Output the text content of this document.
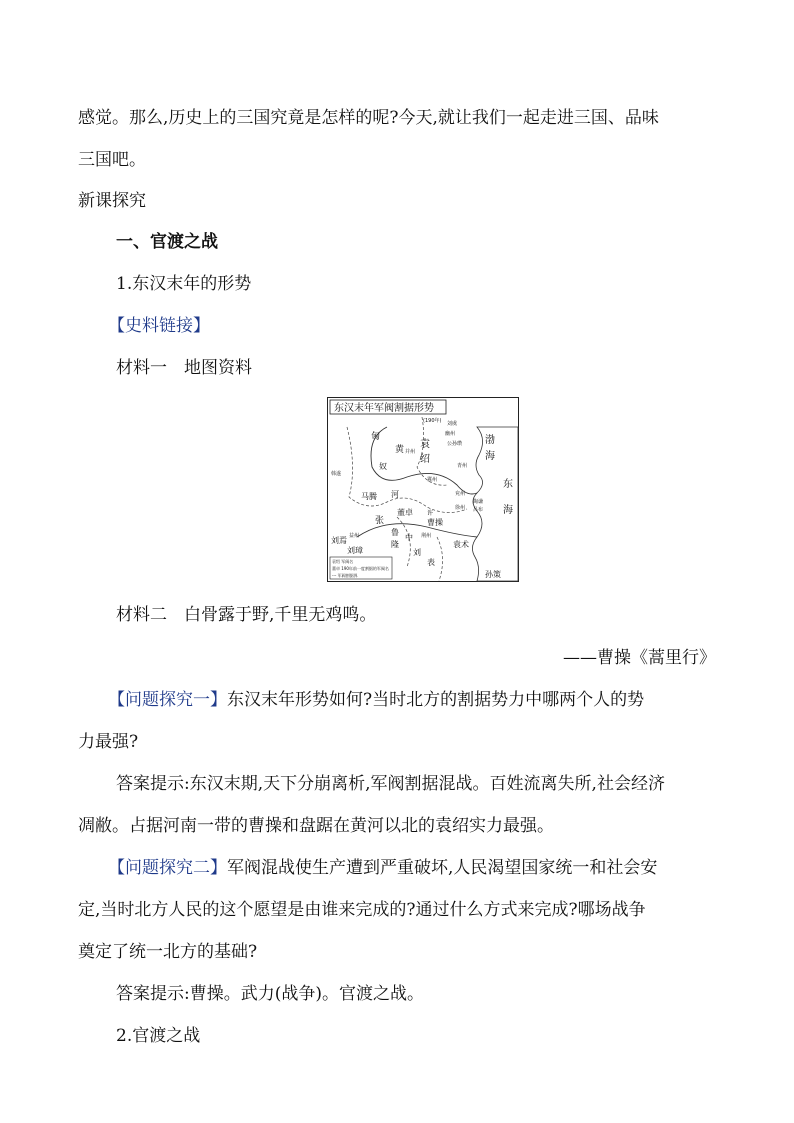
感觉。那么,历史上的三国究竟是怎样的呢?今天,就让我们一起走进三国、品味
三国吧。
新课探究
一、官渡之战
1.东汉末年的形势
【史料链接】
材料一　地图资料
东汉末年军阀割据形势
(190年)
匈
黄 袁
绍
奴
刘虞
幽州
公孙瓒
并州
冀州
青州
渤
海
东
海
韩遂
马腾 河
董卓 许
曹操
兖州
徐州
陶谦
吕布
张
鲁
中
隆
刘
表
荆州
益州
刘焉
刘璋
袁术
孙策
袁绍 军阀名
董卓 190年前一度割据的军阀名
--- 军阀割据界
材料二　白骨露于野,千里无鸡鸣。
——曹操《蒿里行》
【问题探究一】东汉末年形势如何?当时北方的割据势力中哪两个人的势
力最强?
答案提示:东汉末期,天下分崩离析,军阀割据混战。百姓流离失所,社会经济
凋敝。占据河南一带的曹操和盘踞在黄河以北的袁绍实力最强。
【问题探究二】军阀混战使生产遭到严重破坏,人民渴望国家统一和社会安
定,当时北方人民的这个愿望是由谁来完成的?通过什么方式来完成?哪场战争
奠定了统一北方的基础?
答案提示:曹操。武力(战争)。官渡之战。
2.官渡之战
